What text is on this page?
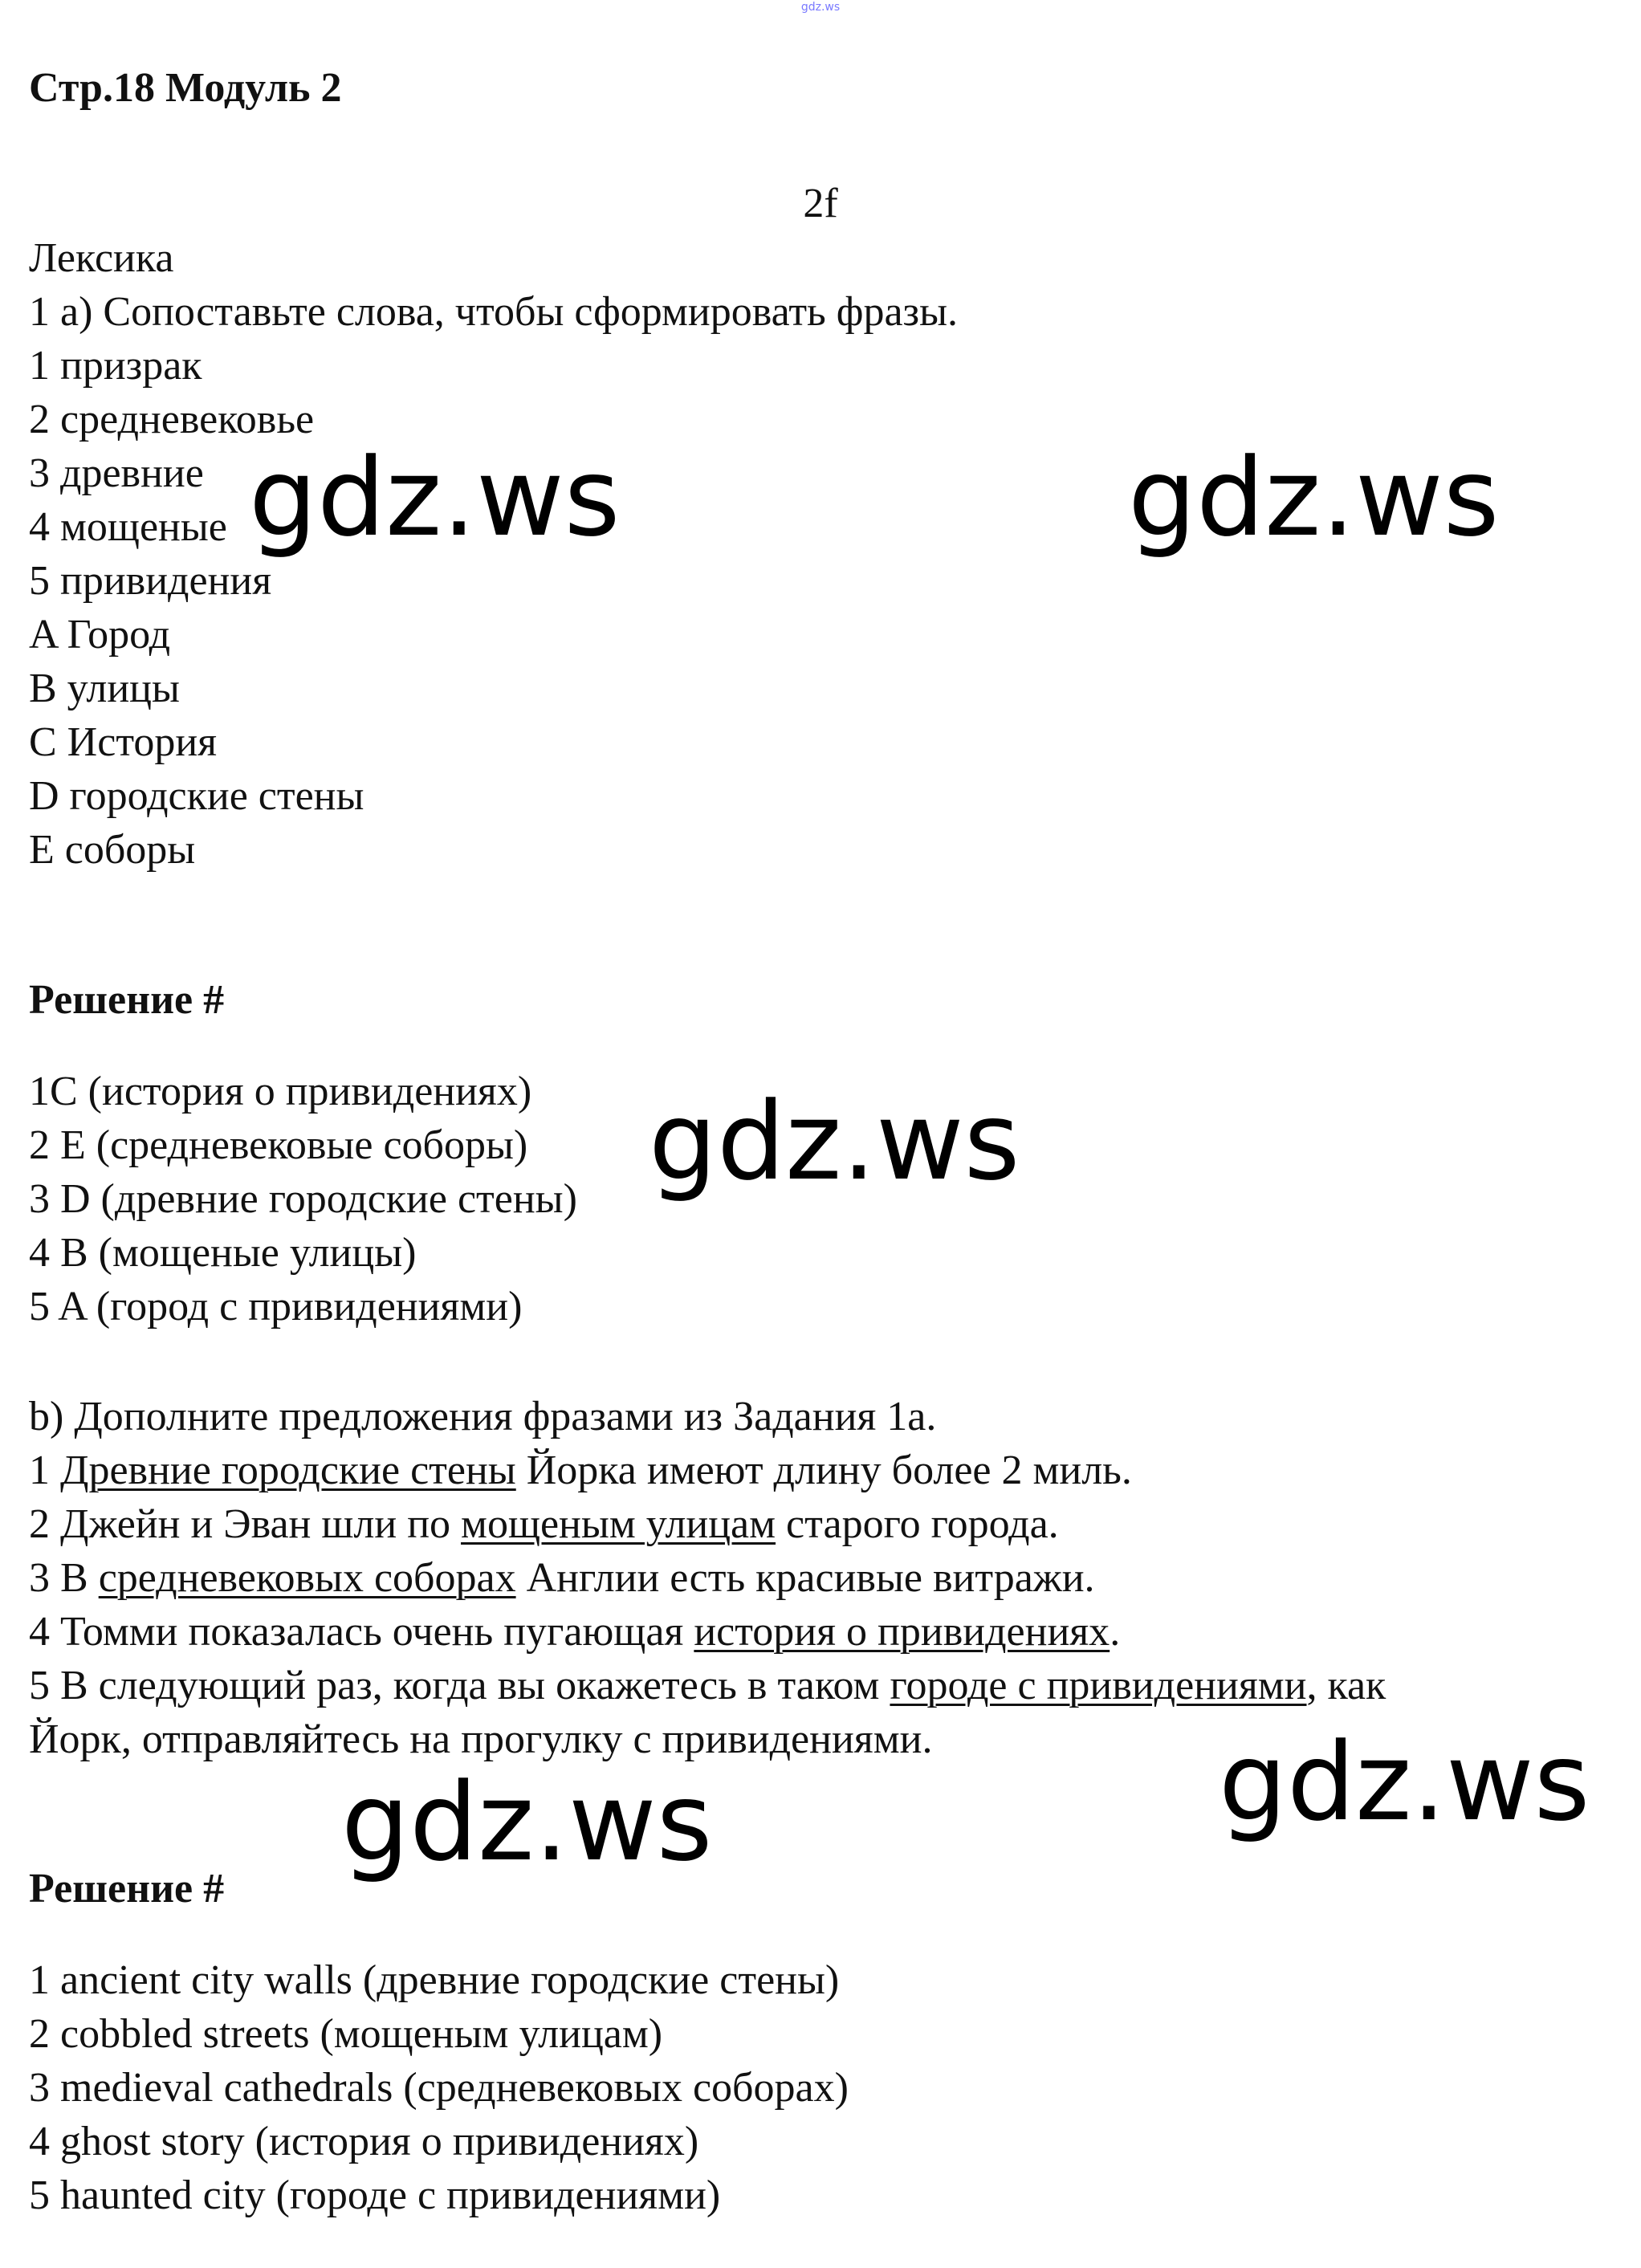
gdz.ws
Стр.18 Модуль 2
2f
Лексика
1 a) Сопоставьте слова, чтобы сформировать фразы.
1 призрак
2 средневековье
3 древние
4 мощеные
5 привидения
A Город
B улицы
C История
D городские стены
E соборы
Решение #
1C (история о привидениях)
2 E (средневековые соборы)
3 D (древние городские стены)
4 B (мощеные улицы)
5 A (город с привидениями)
b) Дополните предложения фразами из Задания 1a.
1 Древние городские стены Йорка имеют длину более 2 миль.
2 Джейн и Эван шли по мощеным улицам старого города.
3 В средневековых соборах Англии есть красивые витражи.
4 Томми показалась очень пугающая история о привидениях.
5 В следующий раз, когда вы окажетесь в таком городе с привидениями, как
Йорк, отправляйтесь на прогулку с привидениями.
Решение #
1 ancient city walls (древние городские стены)
2 cobbled streets (мощеным улицам)
3 medieval cathedrals (средневековых соборах)
4 ghost story (история о привидениях)
5 haunted city (городе с привидениями)
gdz.ws	gdz.ws
gdz.ws
gdz.ws
gdz.ws
